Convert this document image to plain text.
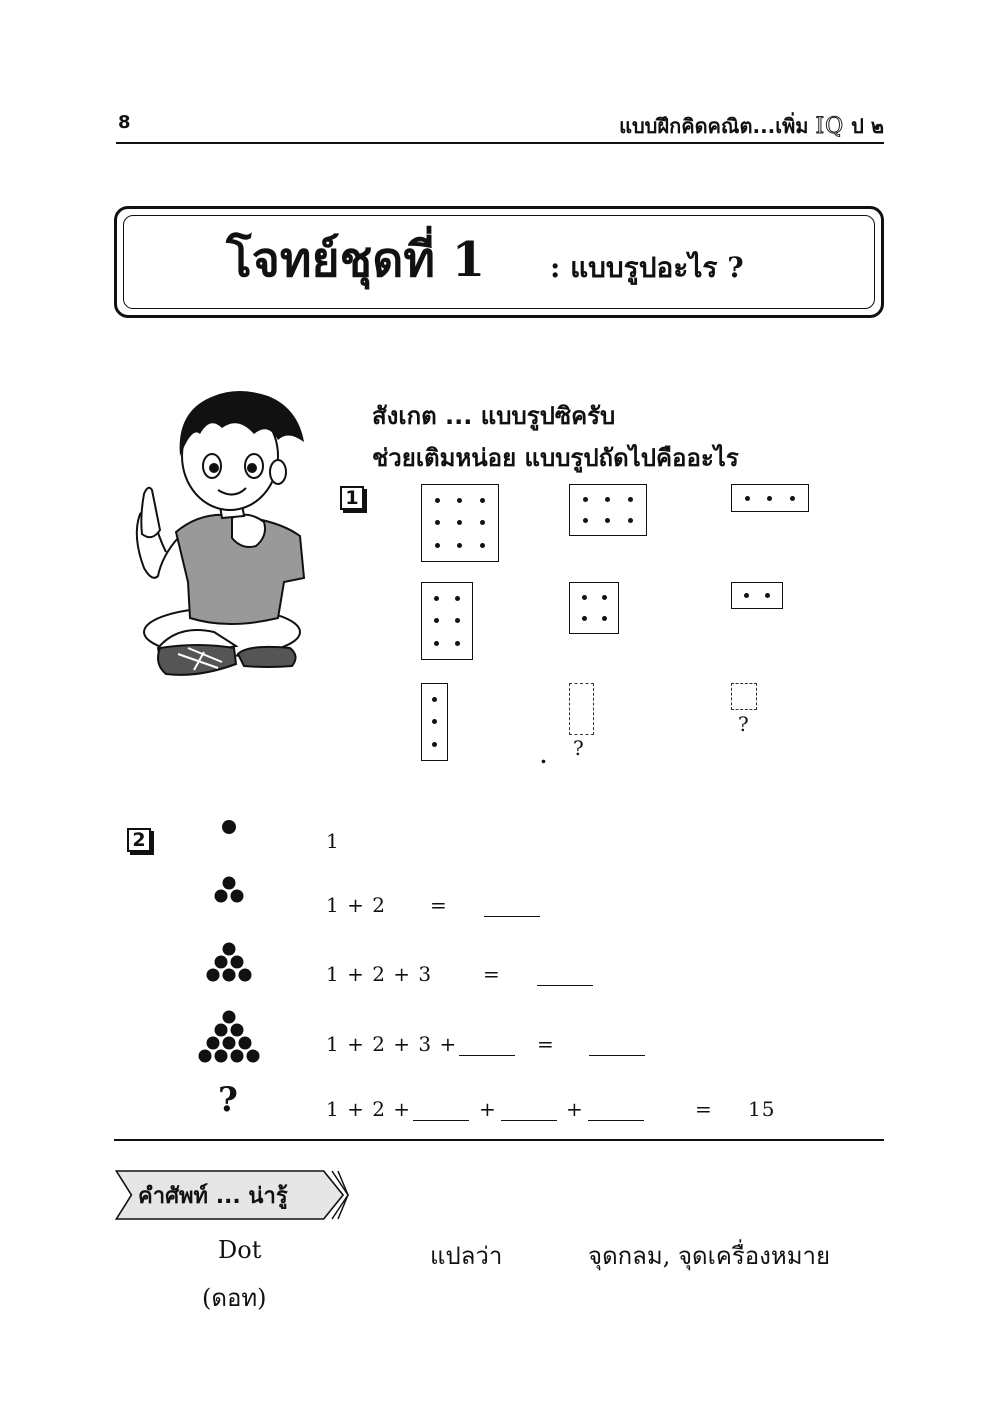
8	แบบฝึกคิดคณิต...เพิ่ม IQ ป ๒
โจทย์ชุดที่ 1 : แบบรูปอะไร ?
สังเกต ... แบบรูปซิครับ
ช่วยเติมหน่อย แบบรูปถัดไปคืออะไร
1
?
.
?
2
?
1
1 + 2 =
1 + 2 + 3	=
1 + 2 + 3 +	=
1 + 2 +	+	+	= 15
คำศัพท์ ... น่ารู้
Dot
(ดอท)
แปลว่า	จุดกลม, จุดเครื่องหมาย
